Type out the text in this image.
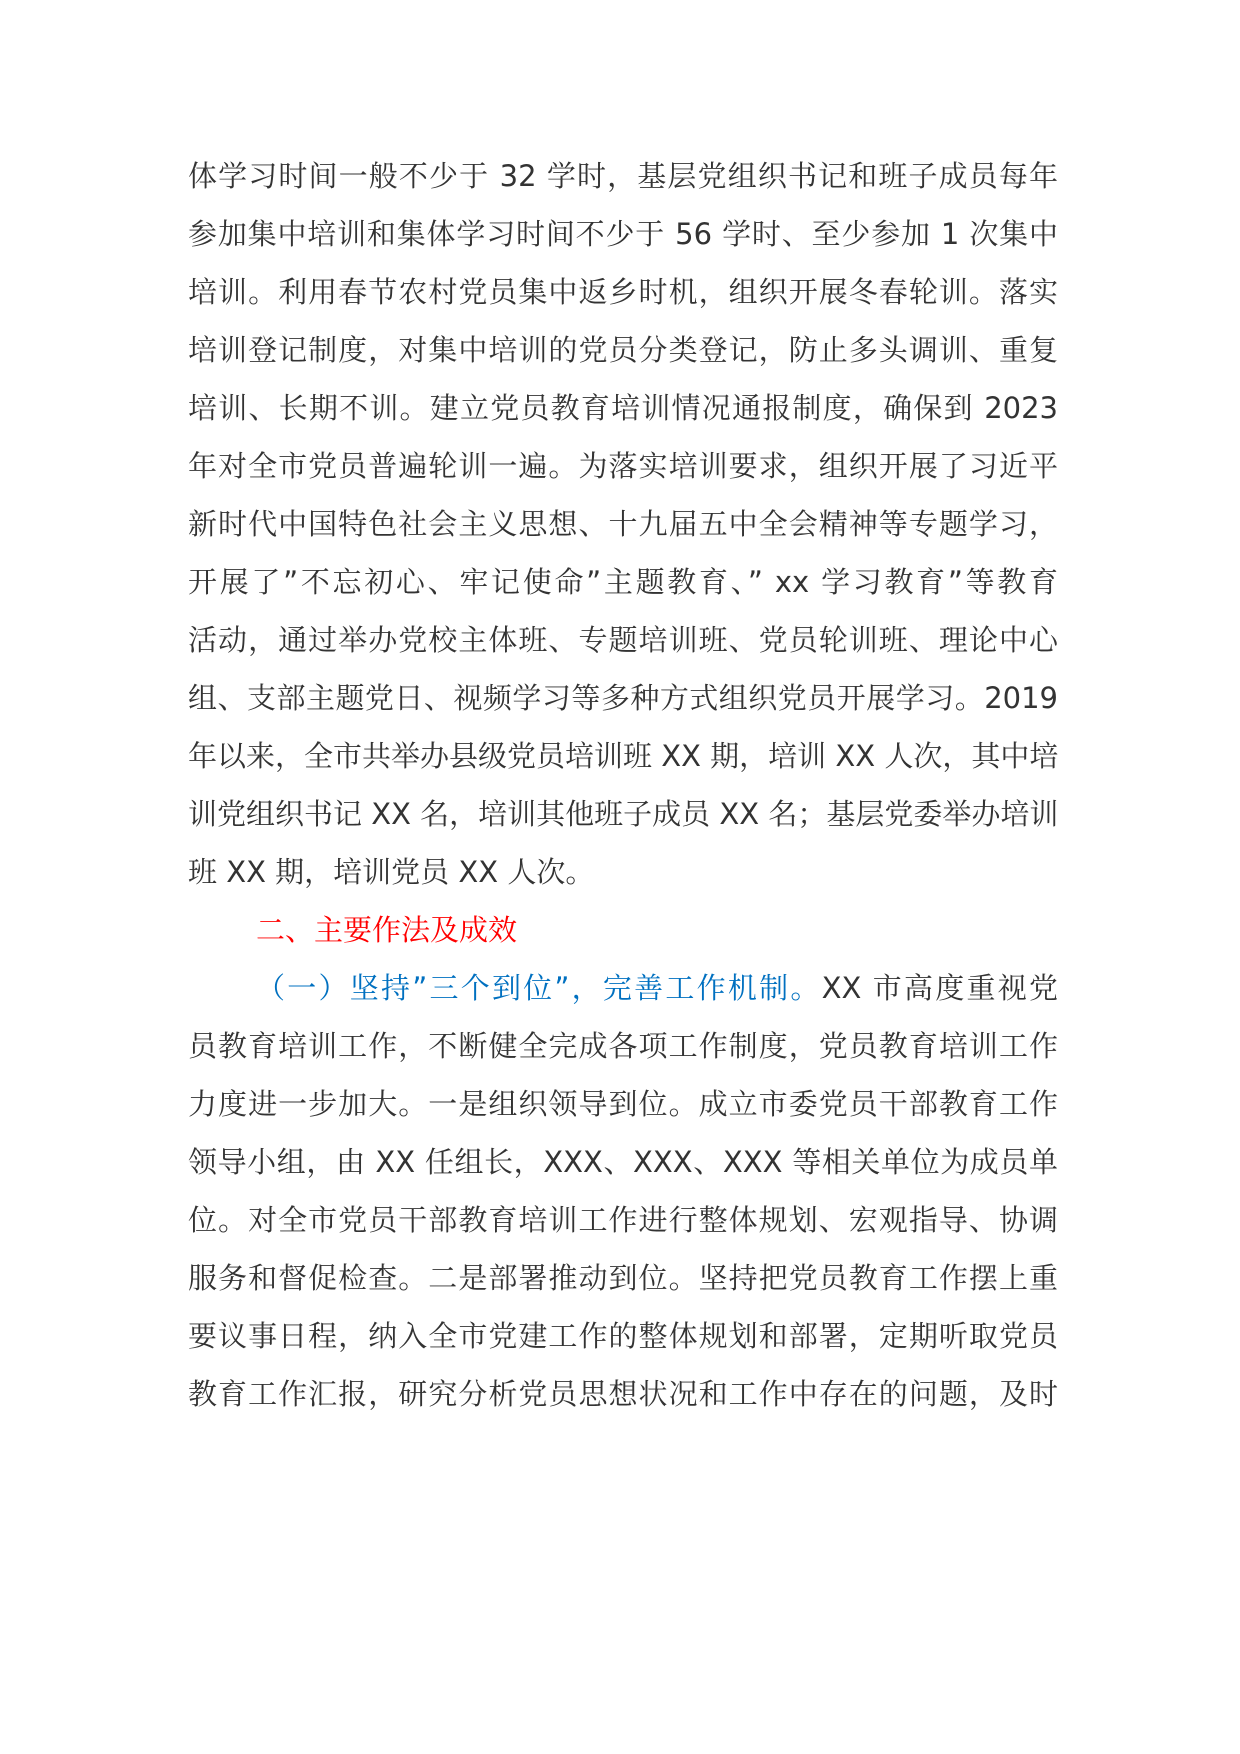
体学习时间一般不少于 32 学时，基层党组织书记和班子成员每年
参加集中培训和集体学习时间不少于 56 学时、至少参加 1 次集中
培训。利用春节农村党员集中返乡时机，组织开展冬春轮训。落实
培训登记制度，对集中培训的党员分类登记，防止多头调训、重复
培训、长期不训。建立党员教育培训情况通报制度，确保到 2023
年对全市党员普遍轮训一遍。为落实培训要求，组织开展了习近平
新时代中国特色社会主义思想、十九届五中全会精神等专题学习，
开展了”不忘初心、牢记使命”主题教育、” xx 学习教育”等教育
活动，通过举办党校主体班、专题培训班、党员轮训班、理论中心
组、支部主题党日、视频学习等多种方式组织党员开展学习。2019
年以来，全市共举办县级党员培训班 XX 期，培训 XX 人次，其中培
训党组织书记 XX 名，培训其他班子成员 XX 名；基层党委举办培训
班 XX 期，培训党员 XX 人次。
二、主要作法及成效
（一）坚持”三个到位”，完善工作机制。XX 市高度重视党
员教育培训工作，不断健全完成各项工作制度，党员教育培训工作
力度进一步加大。一是组织领导到位。成立市委党员干部教育工作
领导小组，由 XX 任组长，XXX、XXX、XXX 等相关单位为成员单
位。对全市党员干部教育培训工作进行整体规划、宏观指导、协调
服务和督促检查。二是部署推动到位。坚持把党员教育工作摆上重
要议事日程，纳入全市党建工作的整体规划和部署，定期听取党员
教育工作汇报，研究分析党员思想状况和工作中存在的问题，及时
